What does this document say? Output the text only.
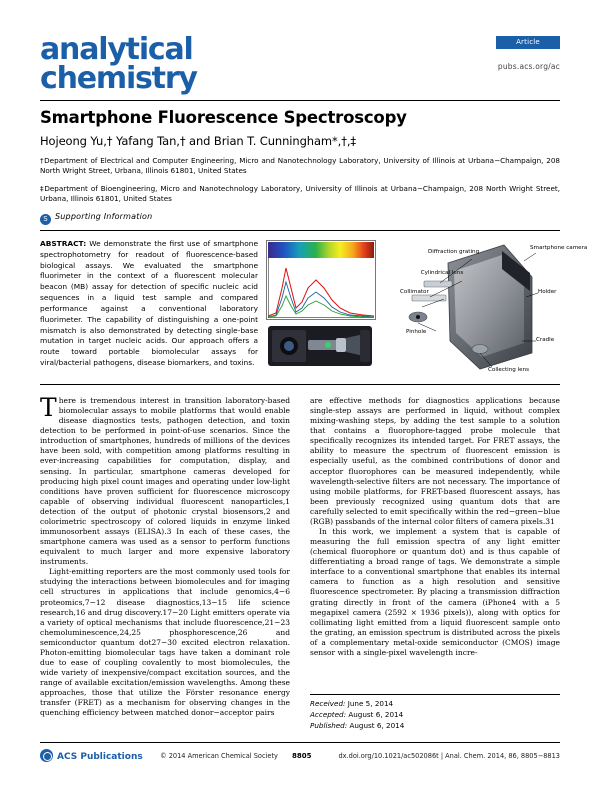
analytical
chemistry
Article
pubs.acs.org/ac
Smartphone Fluorescence Spectroscopy
Hojeong Yu,† Yafang Tan,† and Brian T. Cunningham*,†,‡
†Department of Electrical and Computer Engineering, Micro and Nanotechnology Laboratory, University of Illinois at Urbana−Champaign, 208 North Wright Street, Urbana, Illinois 61801, United States
‡Department of Bioengineering, Micro and Nanotechnology Laboratory, University of Illinois at Urbana−Champaign, 208 North Wright Street, Urbana, Illinois 61801, United States
S Supporting Information
ABSTRACT: We demonstrate the first use of smartphone spectrophotometry for readout of fluorescence-based biological assays. We evaluated the smartphone fluorimeter in the context of a fluorescent molecular beacon (MB) assay for detection of specific nucleic acid sequences in a liquid test sample and compared performance against a conventional laboratory fluorimeter. The capability of distinguishing a one-point mismatch is also demonstrated by detecting single-base mutation in target nucleic acids. Our approach offers a route toward portable biomolecular assays for viral/bacterial pathogens, disease biomarkers, and toxins.
Diffraction grating
Cylindrical lens
Collimator
Pinhole
Smartphone camera
Holder
Cradle
Collecting lens

There is tremendous interest in transition laboratory-based biomolecular assays to mobile platforms that would enable disease diagnostics tests, pathogen detection, and toxin detection to be performed in point-of-use scenarios. Since the introduction of smartphones, hundreds of millions of the devices have been sold, with competition among platforms resulting in ever-increasing capabilities for computation, display, and sensing. In particular, smartphone cameras developed for producing high pixel count images and operating under low-light conditions have proven sufficient for fluorescence microscopy capable of observing individual fluorescent nanoparticles,1 detection of the output of photonic crystal biosensors,2 and colorimetric spectroscopy of colored liquids in enzyme linked immunosorbent assays (ELISA).3 In each of these cases, the smartphone camera was used as a sensor to perform functions equivalent to much larger and more expensive laboratory instruments.

Light-emitting reporters are the most commonly used tools for studying the interactions between biomolecules and for imaging cell structures in applications that include genomics,4−6 proteomics,7−12 disease diagnostics,13−15 life science research,16 and drug discovery.17−20 Light emitters operate via a variety of optical mechanisms that include fluorescence,21−23 chemoluminescence,24,25 phosphorescence,26 and semiconductor quantum dot27−30 excited electron relaxation. Photon-emitting biomolecular tags have taken a dominant role due to ease of coupling covalently to most biomolecules, the wide variety of inexpensive/compact excitation sources, and the range of available excitation/emission wavelengths. Among these approaches, those that utilize the Förster resonance energy transfer (FRET) as a mechanism for observing changes in the quenching efficiency between matched donor−acceptor pairs

are effective methods for diagnostics applications because single-step assays are performed in liquid, without complex mixing-washing steps, by adding the test sample to a solution that contains a fluorophore-tagged probe molecule that specifically recognizes its intended target. For FRET assays, the ability to measure the spectrum of fluorescent emission is especially useful, as the combined contributions of donor and acceptor fluorophores can be measured independently, while wavelength-selective filters are not necessary. The importance of using mobile platforms, for FRET-based fluorescent assays, has been previously recognized using quantum dots that are carefully selected to emit specifically within the red−green−blue (RGB) passbands of the internal color filters of camera pixels.31

In this work, we implement a system that is capable of measuring the full emission spectra of any light emitter (chemical fluorophore or quantum dot) and is thus capable of differentiating a broad range of tags. We demonstrate a simple interface to a conventional smartphone that enables its internal camera to function as a high resolution and sensitive fluorescence spectrometer. By placing a transmission diffraction grating directly in front of the camera (iPhone4 with a 5 megapixel camera (2592 × 1936 pixels)), along with optics for collimating light emitted from a liquid fluorescent sample onto the grating, an emission spectrum is distributed across the pixels of a complementary metal-oxide semiconductor (CMOS) image sensor with a single-pixel wavelength incre-

Received: June 5, 2014
Accepted: August 6, 2014
Published: August 6, 2014
ACS Publications	© 2014 American Chemical Society 8805	dx.doi.org/10.1021/ac502086t | Anal. Chem. 2014, 86, 8805−8813
